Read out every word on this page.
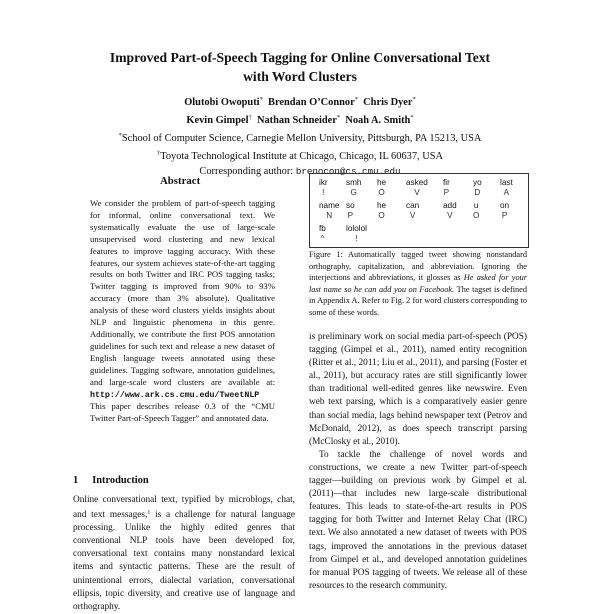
Improved Part-of-Speech Tagging for Online Conversational Text
with Word Clusters
Olutobi Owoputi* Brendan O’Connor* Chris Dyer*
Kevin Gimpel† Nathan Schneider* Noah A. Smith*
*School of Computer Science, Carnegie Mellon University, Pittsburgh, PA 15213, USA
†Toyota Technological Institute at Chicago, Chicago, IL 60637, USA
Corresponding author: brenocon@cs.cmu.edu
Abstract
We consider the problem of part-of-speech tagging for informal, online conversational text. We systematically evaluate the use of large-scale unsupervised word clustering and new lexical features to improve tagging accuracy. With these features, our system achieves state-of-the-art tagging results on both Twitter and IRC POS tagging tasks; Twitter tagging is improved from 90% to 93% accuracy (more than 3% absolute). Qualitative analysis of these word clusters yields insights about NLP and linguistic phenomena in this genre. Additionally, we contribute the first POS annotation guidelines for such text and release a new dataset of English language tweets annotated using these guidelines. Tagging software, annotation guidelines, and large-scale word clusters are available at: http://www.ark.cs.cmu.edu/TweetNLP This paper describes release 0.3 of the “CMU Twitter Part-of-Speech Tagger” and annotated data.
1 Introduction
Online conversational text, typified by microblogs, chat, and text messages,$^1$ is a challenge for natural language processing. Unlike the highly edited genres that conventional NLP tools have been developed for, conversational text contains many nonstandard lexical items and syntactic patterns. These are the result of unintentional errors, dialectal variation, conversational ellipsis, topic diversity, and creative use of language and orthography.
ikr
!
smh
G
he
O
asked
V
fir
P
yo
D
last
A
name
N
so
P
he
O
can
V
add
V
u
O
on
P
fb
^
lololol
!
Figure 1: Automatically tagged tweet showing nonstandard orthography, capitalization, and abbreviation. Ignoring the interjections and abbreviations, it glosses as He asked for your last name so he can add you on Facebook. The tagset is defined in Appendix A. Refer to Fig. 2 for word clusters corresponding to some of these words.

is preliminary work on social media part-of-speech (POS) tagging (Gimpel et al., 2011), named entity recognition (Ritter et al., 2011; Liu et al., 2011), and parsing (Foster et al., 2011), but accuracy rates are still significantly lower than traditional well-edited genres like newswire. Even web text parsing, which is a comparatively easier genre than social media, lags behind newspaper text (Petrov and McDonald, 2012), as does speech transcript parsing (McClosky et al., 2010).

To tackle the challenge of novel words and constructions, we create a new Twitter part-of-speech tagger—building on previous work by Gimpel et al. (2011)—that includes new large-scale distributional features. This leads to state-of-the-art results in POS tagging for both Twitter and Internet Relay Chat (IRC) text. We also annotated a new dataset of tweets with POS tags, improved the annotations in the previous dataset from Gimpel et al., and developed annotation guidelines for manual POS tagging of tweets. We release all of these resources to the research community.
